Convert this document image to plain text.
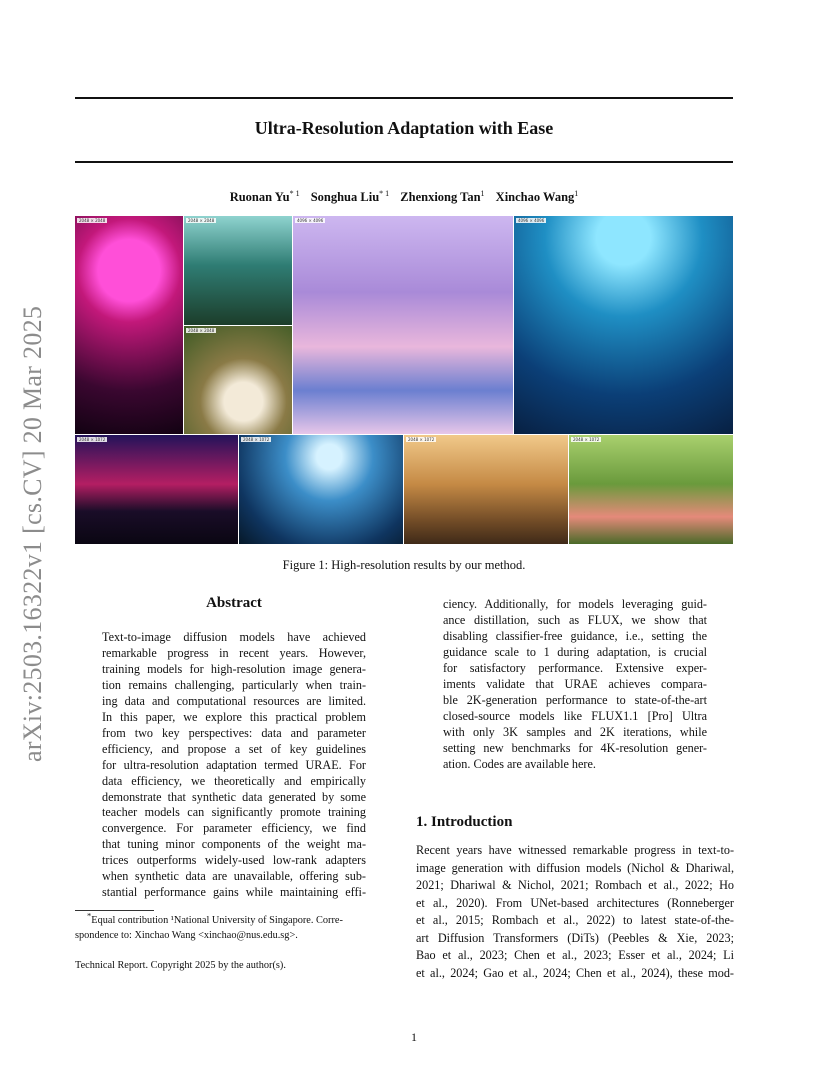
Ultra-Resolution Adaptation with Ease
arXiv:2503.16322v1 [cs.CV] 20 Mar 2025
Ruonan Yu$^{* 1}$ Songhua Liu$^{* 1}$ Zhenxiong Tan$^1$ Xinchao Wang$^1$
2048 × 2048	2048 × 2048
2048 × 2048
4096 × 4096	4096 × 4096
2048 × 1072	2048 × 1072	2048 × 1072	2048 × 1072
Figure 1: High-resolution results by our method.
Abstract
Text-to-image diffusion models have achieved
remarkable progress in recent years. However,
training models for high-resolution image genera-
tion remains challenging, particularly when train-
ing data and computational resources are limited.
In this paper, we explore this practical problem
from two key perspectives: data and parameter
efficiency, and propose a set of key guidelines
for ultra-resolution adaptation termed URAE. For
data efficiency, we theoretically and empirically
demonstrate that synthetic data generated by some
teacher models can significantly promote training
convergence. For parameter efficiency, we find
that tuning minor components of the weight ma-
trices outperforms widely-used low-rank adapters
when synthetic data are unavailable, offering sub-
stantial performance gains while maintaining effi-
ciency. Additionally, for models leveraging guid-
ance distillation, such as FLUX, we show that
disabling classifier-free guidance, i.e., setting the
guidance scale to 1 during adaptation, is crucial
for satisfactory performance. Extensive exper-
iments validate that URAE achieves compara-
ble 2K-generation performance to state-of-the-art
closed-source models like FLUX1.1 [Pro] Ultra
with only 3K samples and 2K iterations, while
setting new benchmarks for 4K-resolution gener-
ation. Codes are available here.
*Equal contribution ¹National University of Singapore. Corre-
spondence to: Xinchao Wang <xinchao@nus.edu.sg>.
Technical Report. Copyright 2025 by the author(s).
1. Introduction
Recent years have witnessed remarkable progress in text-to-
image generation with diffusion models (Nichol & Dhariwal,
2021; Dhariwal & Nichol, 2021; Rombach et al., 2022; Ho
et al., 2020). From UNet-based architectures (Ronneberger
et al., 2015; Rombach et al., 2022) to latest state-of-the-
art Diffusion Transformers (DiTs) (Peebles & Xie, 2023;
Bao et al., 2023; Chen et al., 2023; Esser et al., 2024; Li
et al., 2024; Gao et al., 2024; Chen et al., 2024), these mod-
1
